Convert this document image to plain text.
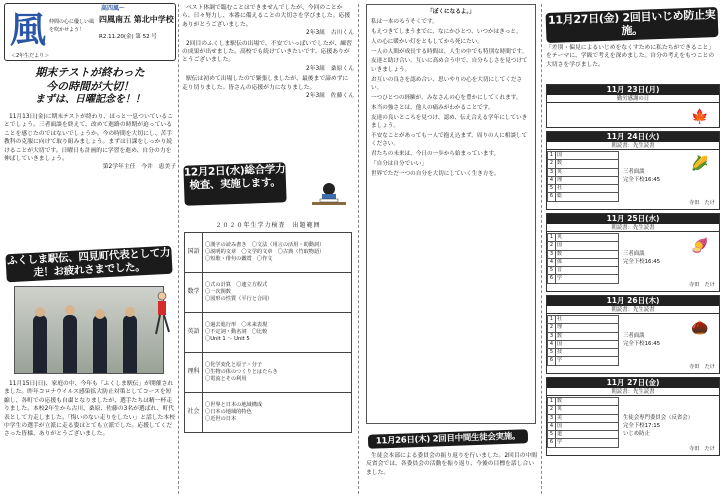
風
高四風～
仲間の心に優しい風を吹かせよう！
四風南五 第北中学校
R2.11.20(金) 第 52 号
＜2年生だより＞
期末テストが終わった
今の時間が大切！
まずは、日曜記念を！！
11月13日(金)に期末テストが終わり、ほっと一息ついていることでしょう。三者面談を終えて、改めて進路の時期が迫っていることを感じたのではないでしょうか。今の時間を大切にし、苦手教科の克服に向けて取り組みましょう。まずは日課をしっかり続けることが大切です。日曜日も計画的に学習を進め、自分の力を伸ばしていきましょう。
第2学年主任　今井　恵美子
ふくしま駅伝、四見町代表として力走！お疲れさまでした。
11月15日(日)、家庭の中、今年も「ふくしま駅伝」が開催されました。昨年コロナウイルス感染拡大防止対策としてコースを短縮し、各町での応援も自粛となりましたが、選手たちは精一杯走りました。本校2年生から古川、桑原、佐藤の3名が選ばれ、町代表として力走しました。「悔いのない走りをしたい」と話した本校中学生の選手が立派に走る姿はとても立派でした。応援してくださった皆様、ありがとうございました。

ベスト体調で臨むことはできませんでしたが、今回のことから、日々努力し、本番に備えることの大切さを学びました。応援ありがとうございました。
2年3組　古川くん

2回目のふくしま駅伝の出場で、不安でいっぱいでしたが、練習の成果が出せました。高校でも続けていきたいです。応援ありがとうございました。
2年3組　桑原くん

駅伝は初めて出場したので緊張しましたが、最後まで諦めずに走り切りました。皆さんの応援が力になりました。
2年3組　佐藤くん

12月2日(水)総合学力検査、実施します。
２０２０年生学力検査　出題範囲
国語	〇漢字の読み書き　〇文法（用言の活用・助動詞）
〇説明的文章　〇文学的文章　〇古典（竹取物語）
〇短歌・俳句の鑑賞　〇作文
数学	〇式の計算　〇連立方程式
〇一次関数
〇図形の性質（平行と合同）
英語	〇過去進行形　〇未来表現
〇不定詞・動名詞　〇比較
〇Unit 1 ～ Unit 5
理科	〇化学変化と原子・分子
〇生物の体のつくりとはたらき
〇電流とその利用
社会	〇世界と日本の地域構成
〇日本の地域的特色
〇近世の日本

「ぼくになるよ。」

私は一本のろうそくです。

もえつきてしまうまでに、なにかひとつ、いつかはきっと。

人の心に暖かい灯をともしてから死にたい。

一人の人間が成長する時間は、人生の中でも特別な時間です。

友達と助け合い、互いに高め合う中で、自分らしさを見つけていきましょう。

お互いの良さを認め合い、思いやりの心を大切にしてください。

一つひとつの経験が、みなさんの心を豊かにしてくれます。

本当の強さとは、他人の痛みがわかることです。

友達の良いところを見つけ、認め、伝え合える学年にしていきましょう。

不安なことがあっても一人で抱え込まず、周りの人に相談してください。

君たちの未来は、今日の一歩から始まっています。

「自分は自分でいい」

世界でただ一つの自分を大切にしていく生き方を。

11月26日(木) 2回目中間生徒会実施。
生徒会本部による委員会の振り返りを行いました。2回目の中間反省会では、各委員会の活動を振り返り、今後の目標を話し合いました。
11月27日(金) 2回目いじめ防止実施。
「差別・偏見によるいじめをなくすために私たちができること」をテーマに、学級で考えを深めました。自分の考えをもつことの大切さを学びました。
11月 23日(月)
勤労感謝の日
🍁
11月 24日(火)
朝読書：先生読書
1	国
2	数
3	英
4	理
5	社
6	総
三者面談
完全下校16:45
寺田　たけ
🌽
11月 25日(水)
朝読書：先生読書
1	英
2	国
3	数
4	体
5	音
6	学
三者面談
完全下校16:45
寺田　たけ
🍠
11月 26日(木)
朝読書：先生読書
1	社
2	理
3	数
4	国
5	技
6	学
三者面談
完全下校16:45
寺田　たけ
🌰
11月 27日(金)
朝読書：先生読書
1	数
2	英
3	美
4	国
5	道
6	学
生徒会専門委員会（反省会）
完全下校17:15
いじめ防止
寺田　たけ
